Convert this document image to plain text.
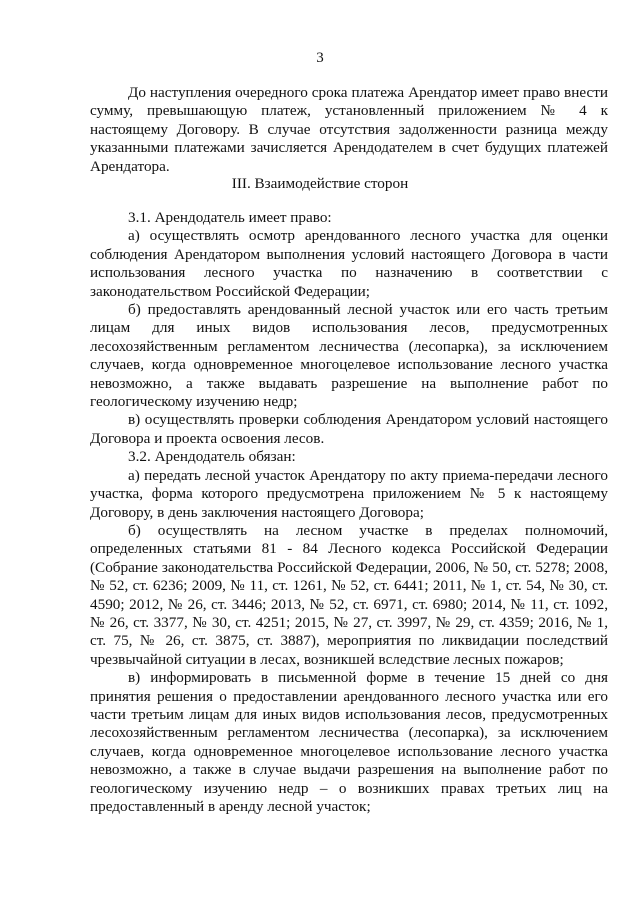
3

До наступления очередного срока платежа Арендатор имеет право внести сумму, превышающую платеж, установленный приложением № 4 к настоящему Договору. В случае отсутствия задолженности разница между указанными платежами зачисляется Арендодателем в счет будущих платежей Арендатора.

III. Взаимодействие сторон

3.1. Арендодатель имеет право:

а) осуществлять осмотр арендованного лесного участка для оценки соблюдения Арендатором выполнения условий настоящего Договора в части использования лесного участка по назначению в соответствии с законодательством Российской Федерации;

б) предоставлять арендованный лесной участок или его часть третьим лицам для иных видов использования лесов, предусмотренных лесохозяйственным регламентом лесничества (лесопарка), за исключением случаев, когда одновременное многоцелевое использование лесного участка невозможно, а также выдавать разрешение на выполнение работ по геологическому изучению недр;

в) осуществлять проверки соблюдения Арендатором условий настоящего Договора и проекта освоения лесов.

3.2. Арендодатель обязан:

а) передать лесной участок Арендатору по акту приема-передачи лесного участка, форма которого предусмотрена приложением № 5 к настоящему Договору, в день заключения настоящего Договора;

б) осуществлять на лесном участке в пределах полномочий, определенных статьями 81 - 84 Лесного кодекса Российской Федерации (Собрание законодательства Российской Федерации, 2006, № 50, ст. 5278; 2008, № 52, ст. 6236; 2009, № 11, ст. 1261, № 52, ст. 6441; 2011, № 1, ст. 54, № 30, ст. 4590; 2012, № 26, ст. 3446; 2013, № 52, ст. 6971, ст. 6980; 2014, № 11, ст. 1092, № 26, ст. 3377, № 30, ст. 4251; 2015, № 27, ст. 3997, № 29, ст. 4359; 2016, № 1, ст. 75, № 26, ст. 3875, ст. 3887), мероприятия по ликвидации последствий чрезвычайной ситуации в лесах, возникшей вследствие лесных пожаров;

в) информировать в письменной форме в течение 15 дней со дня принятия решения о предоставлении арендованного лесного участка или его части третьим лицам для иных видов использования лесов, предусмотренных лесохозяйственным регламентом лесничества (лесопарка), за исключением случаев, когда одновременное многоцелевое использование лесного участка невозможно, а также в случае выдачи разрешения на выполнение работ по геологическому изучению недр – о возникших правах третьих лиц на предоставленный в аренду лесной участок;
